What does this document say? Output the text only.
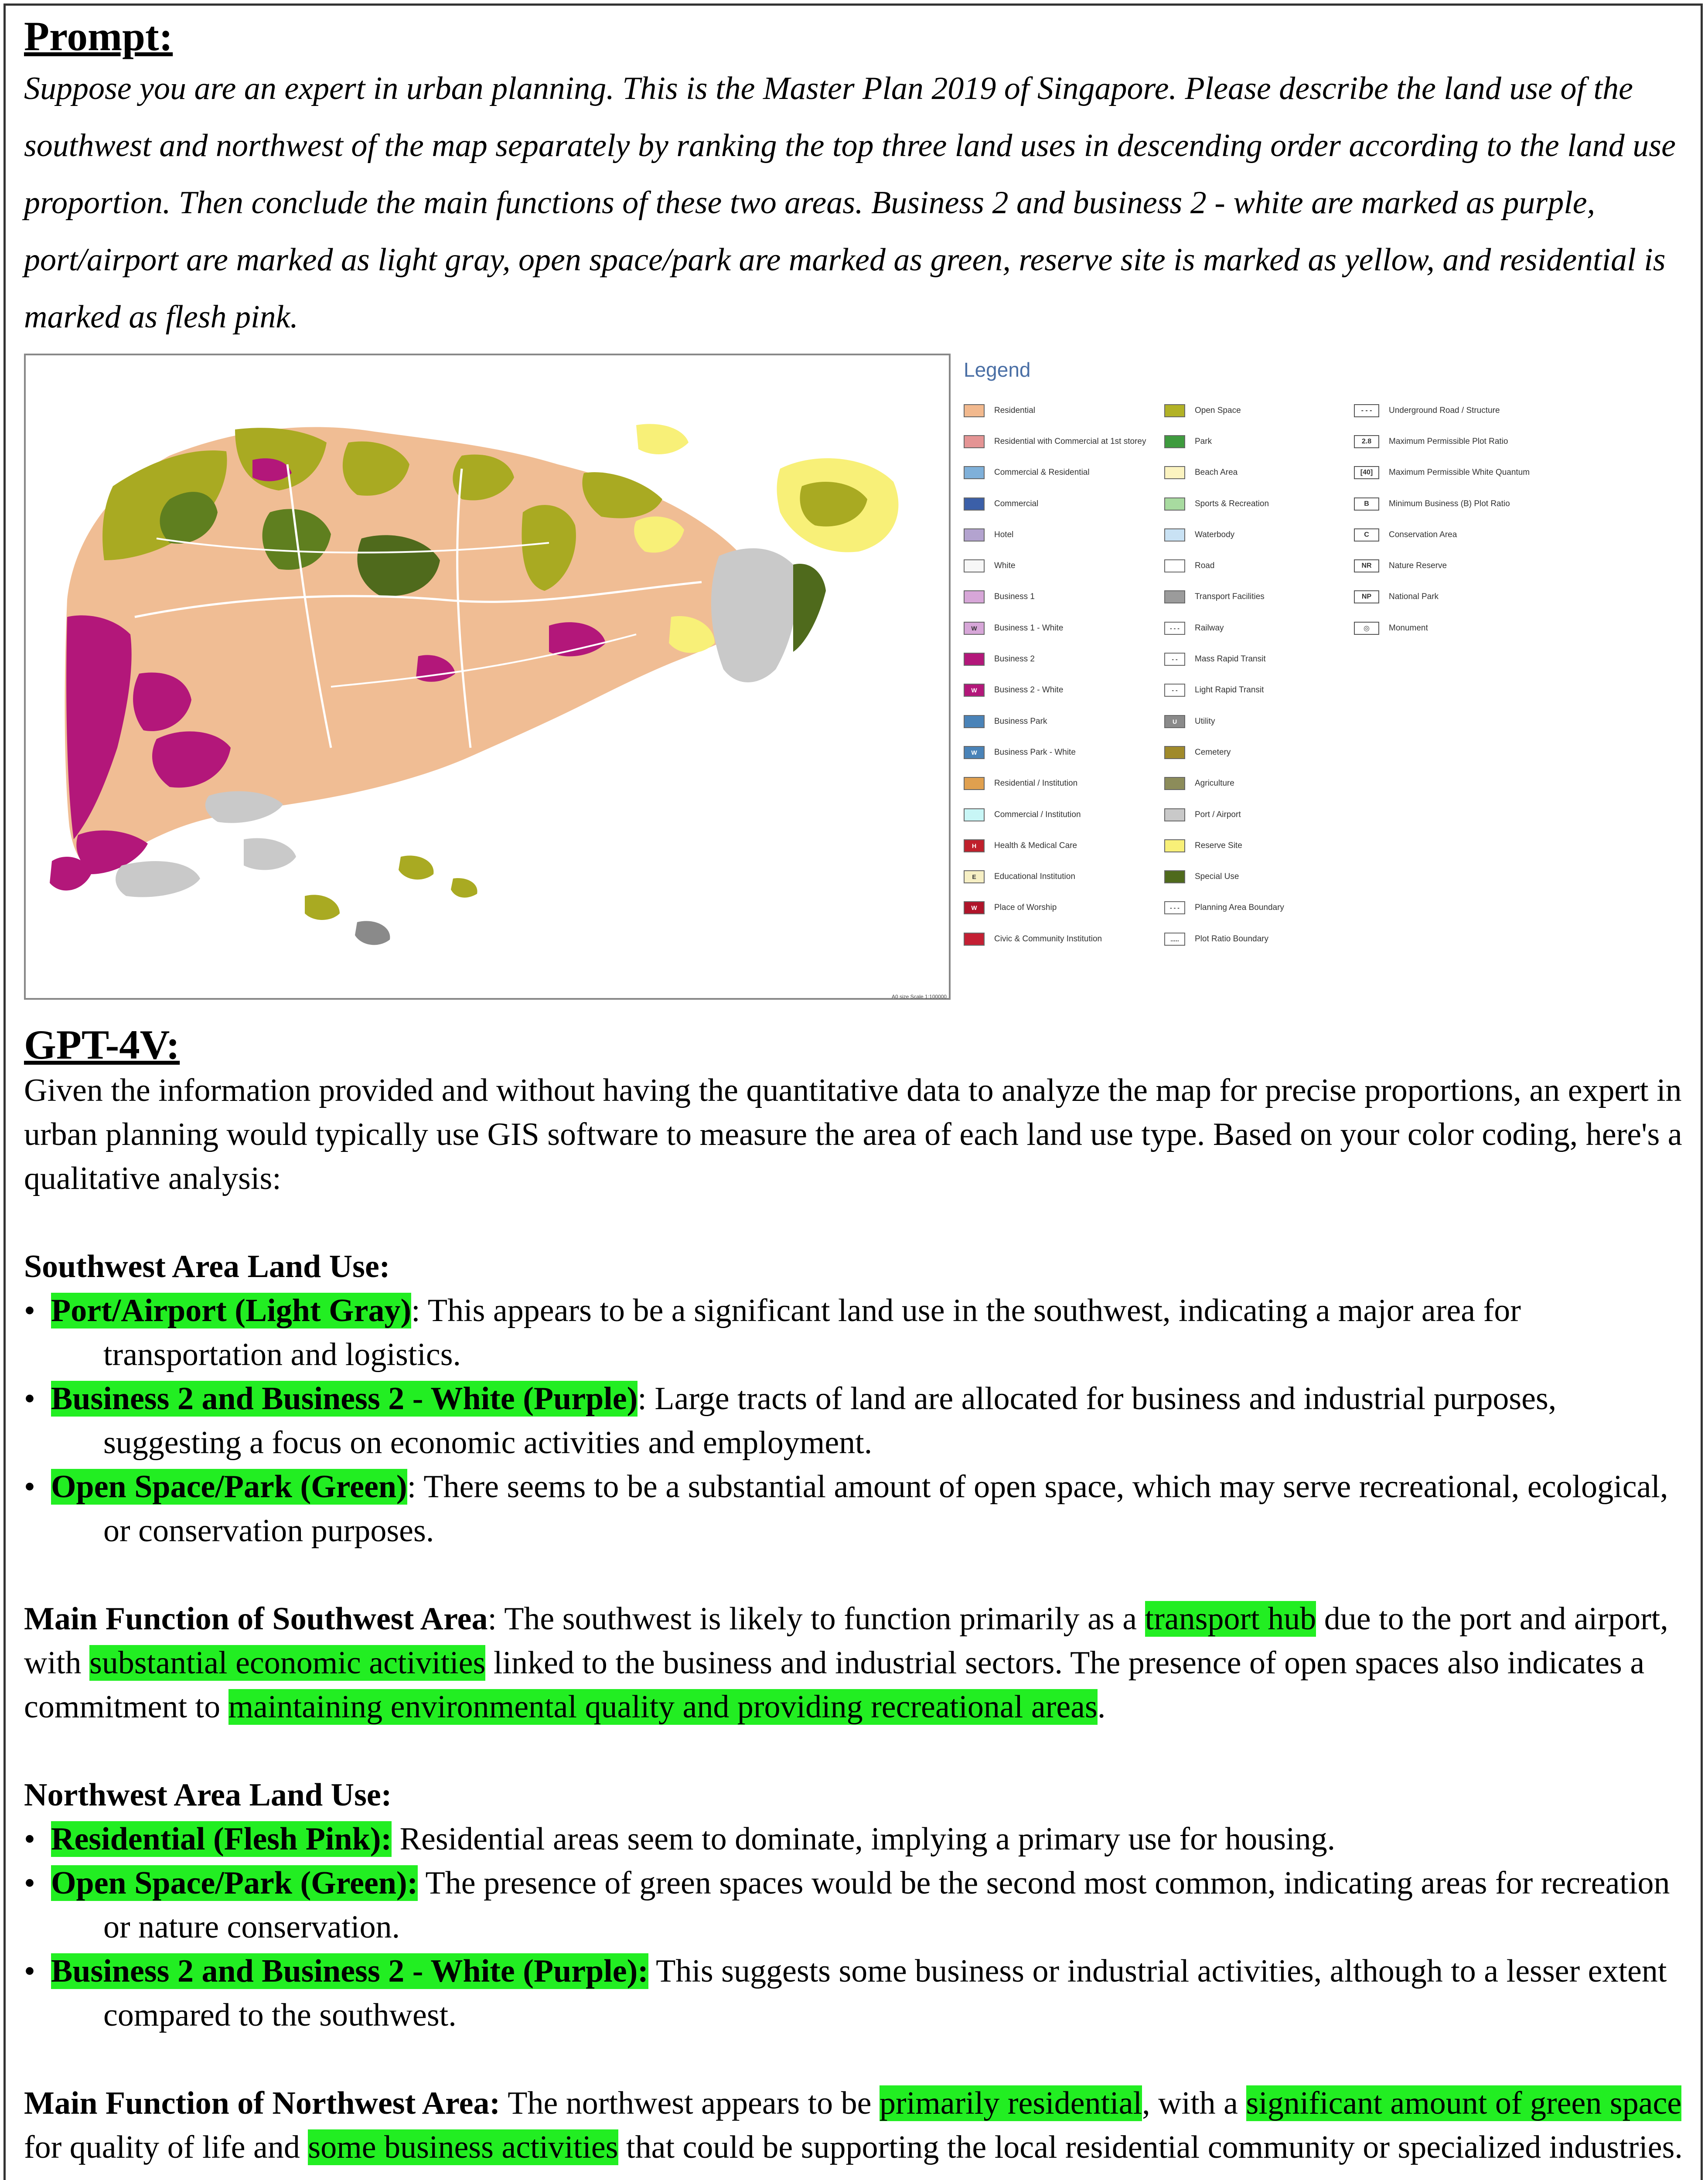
Prompt:

Suppose you are an expert in urban planning. This is the Master Plan 2019 of Singapore. Please describe the land use of the southwest and northwest of the map separately by ranking the top three land uses in descending order according to the land use proportion. Then conclude the main functions of these two areas. Business 2 and business 2 - white are marked as purple, port/airport are marked as light gray, open space/park are marked as green, reserve site is marked as yellow, and residential is marked as flesh pink.

Legend
Residential
Residential with Commercial at 1st storey
Commercial & Residential
Commercial
Hotel
White
Business 1
W	Business 1 - White
Business 2
W	Business 2 - White
Business Park
W	Business Park - White
Residential / Institution
Commercial / Institution
H	Health & Medical Care
E	Educational Institution
W	Place of Worship
Civic & Community Institution
Open Space
Park
Beach Area
Sports & Recreation
Waterbody
Road
Transport Facilities
- - -	Railway
- -	Mass Rapid Transit
- -	Light Rapid Transit
U	Utility
Cemetery
Agriculture
Port / Airport
Reserve Site
Special Use
- - -	Planning Area Boundary
.....	Plot Ratio Boundary
- - -	Underground Road / Structure
2.8	Maximum Permissible Plot Ratio
[40]	Maximum Permissible White Quantum
B	Minimum Business (B) Plot Ratio
C	Conservation Area
NR	Nature Reserve
NP	National Park
◎	Monument
A0 size Scale 1:100000
GPT-4V:

Given the information provided and without having the quantitative data to analyze the map for precise proportions, an expert in urban planning would typically use GIS software to measure the area of each land use type. Based on your color coding, here's a qualitative analysis:

Southwest Area Land Use:

• Port/Airport (Light Gray): This appears to be a significant land use in the southwest, indicating a major area for transportation and logistics.

• Business 2 and Business 2 - White (Purple): Large tracts of land are allocated for business and industrial purposes, suggesting a focus on economic activities and employment.

• Open Space/Park (Green): There seems to be a substantial amount of open space, which may serve recreational, ecological, or conservation purposes.

Main Function of Southwest Area: The southwest is likely to function primarily as a transport hub due to the port and airport, with substantial economic activities linked to the business and industrial sectors. The presence of open spaces also indicates a commitment to maintaining environmental quality and providing recreational areas.

Northwest Area Land Use:

• Residential (Flesh Pink): Residential areas seem to dominate, implying a primary use for housing.

• Open Space/Park (Green): The presence of green spaces would be the second most common, indicating areas for recreation or nature conservation.

• Business 2 and Business 2 - White (Purple): This suggests some business or industrial activities, although to a lesser extent compared to the southwest.

Main Function of Northwest Area: The northwest appears to be primarily residential, with a significant amount of green space for quality of life and some business activities that could be supporting the local residential community or specialized industries.
